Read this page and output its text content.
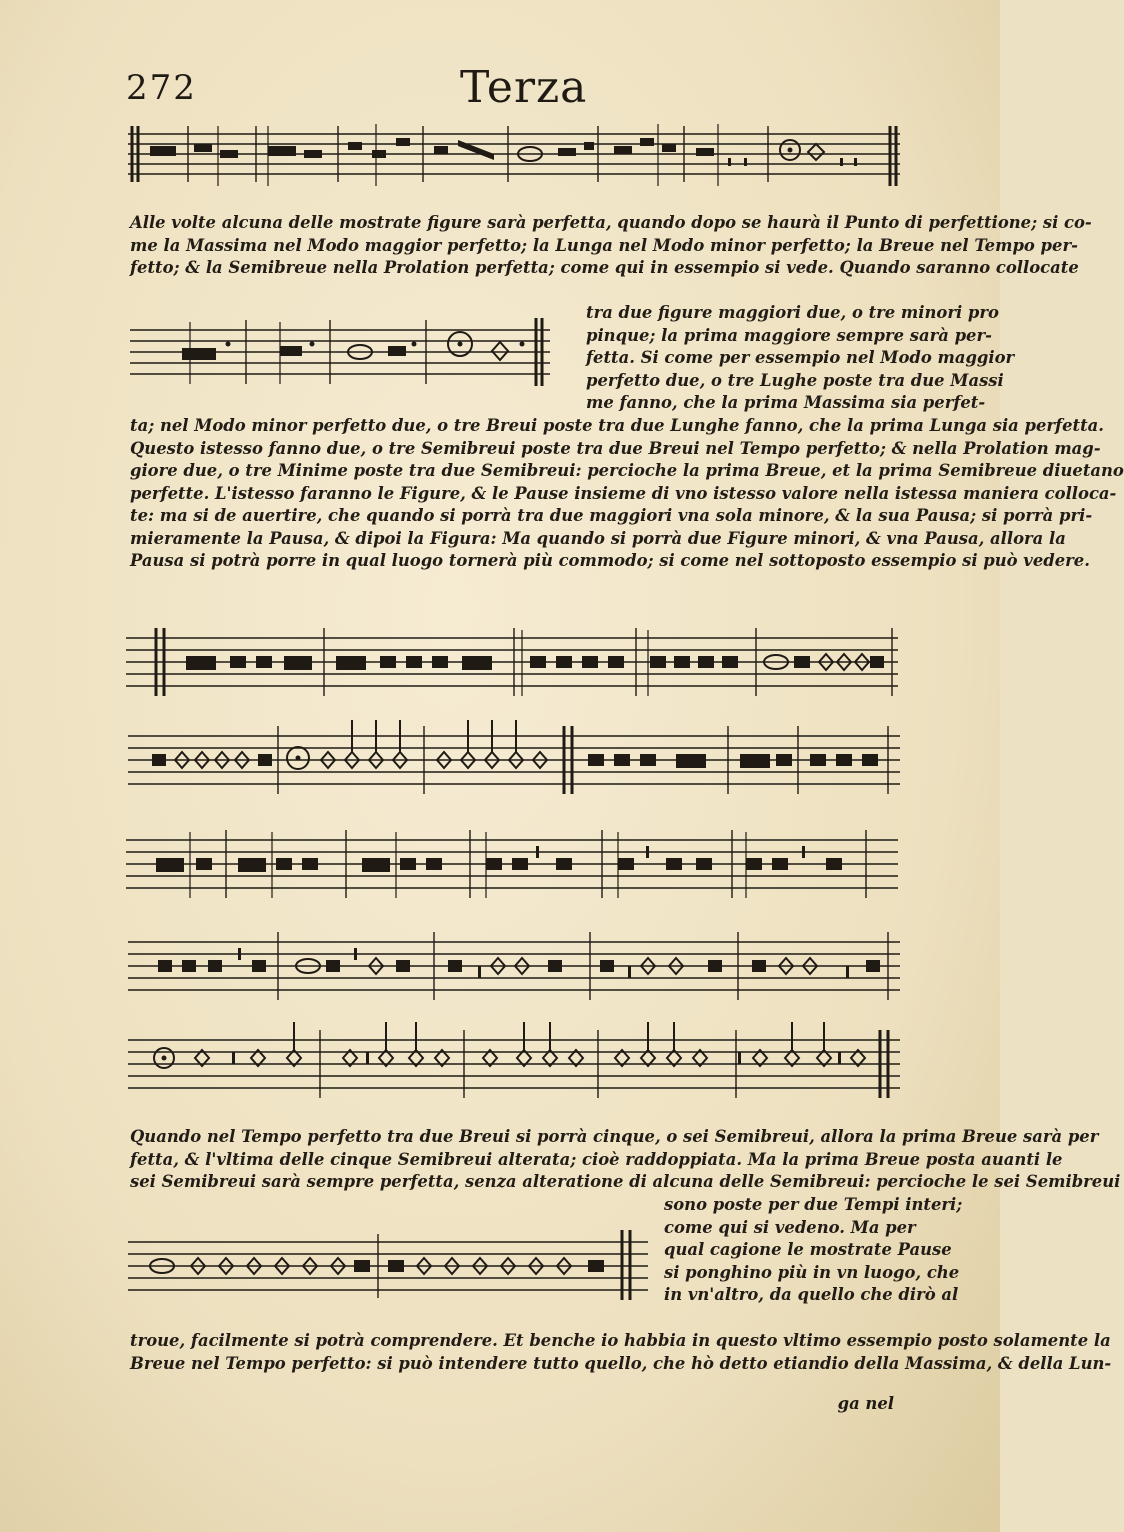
272	Terza
Alle volte alcuna delle mostrate figure sarà perfetta, quando dopo se haurà il Punto di perfettione; si co-
me la Massima nel Modo maggior perfetto; la Lunga nel Modo minor perfetto; la Breue nel Tempo per-
fetto; & la Semibreue nella Prolation perfetta; come qui in essempio si vede. Quando saranno collocate
tra due figure maggiori due, o tre minori pro
pinque; la prima maggiore sempre sarà per-
fetta. Si come per essempio nel Modo maggior
perfetto due, o tre Lughe poste tra due Massi
me fanno, che la prima Massima sia perfet-
ta; nel Modo minor perfetto due, o tre Breui poste tra due Lunghe fanno, che la prima Lunga sia perfetta.
Questo istesso fanno due, o tre Semibreui poste tra due Breui nel Tempo perfetto; & nella Prolation mag-
giore due, o tre Minime poste tra due Semibreui: percioche la prima Breue, et la prima Semibreue diuetano
perfette. L'istesso faranno le Figure, & le Pause insieme di vno istesso valore nella istessa maniera colloca-
te: ma si de auertire, che quando si porrà tra due maggiori vna sola minore, & la sua Pausa; si porrà pri-
mieramente la Pausa, & dipoi la Figura: Ma quando si porrà due Figure minori, & vna Pausa, allora la
Pausa si potrà porre in qual luogo tornerà più commodo; si come nel sottoposto essempio si può vedere.
Quando nel Tempo perfetto tra due Breui si porrà cinque, o sei Semibreui, allora la prima Breue sarà per
fetta, & l'vltima delle cinque Semibreui alterata; cioè raddoppiata. Ma la prima Breue posta auanti le
sei Semibreui sarà sempre perfetta, senza alteratione di alcuna delle Semibreui: percioche le sei Semibreui
sono poste per due Tempi interi;
come qui si vedeno. Ma per
qual cagione le mostrate Pause
si ponghino più in vn luogo, che
in vn'altro, da quello che dirò al
troue, facilmente si potrà comprendere. Et benche io habbia in questo vltimo essempio posto solamente la
Breue nel Tempo perfetto: si può intendere tutto quello, che hò detto etiandio della Massima, & della Lun-
ga nel
